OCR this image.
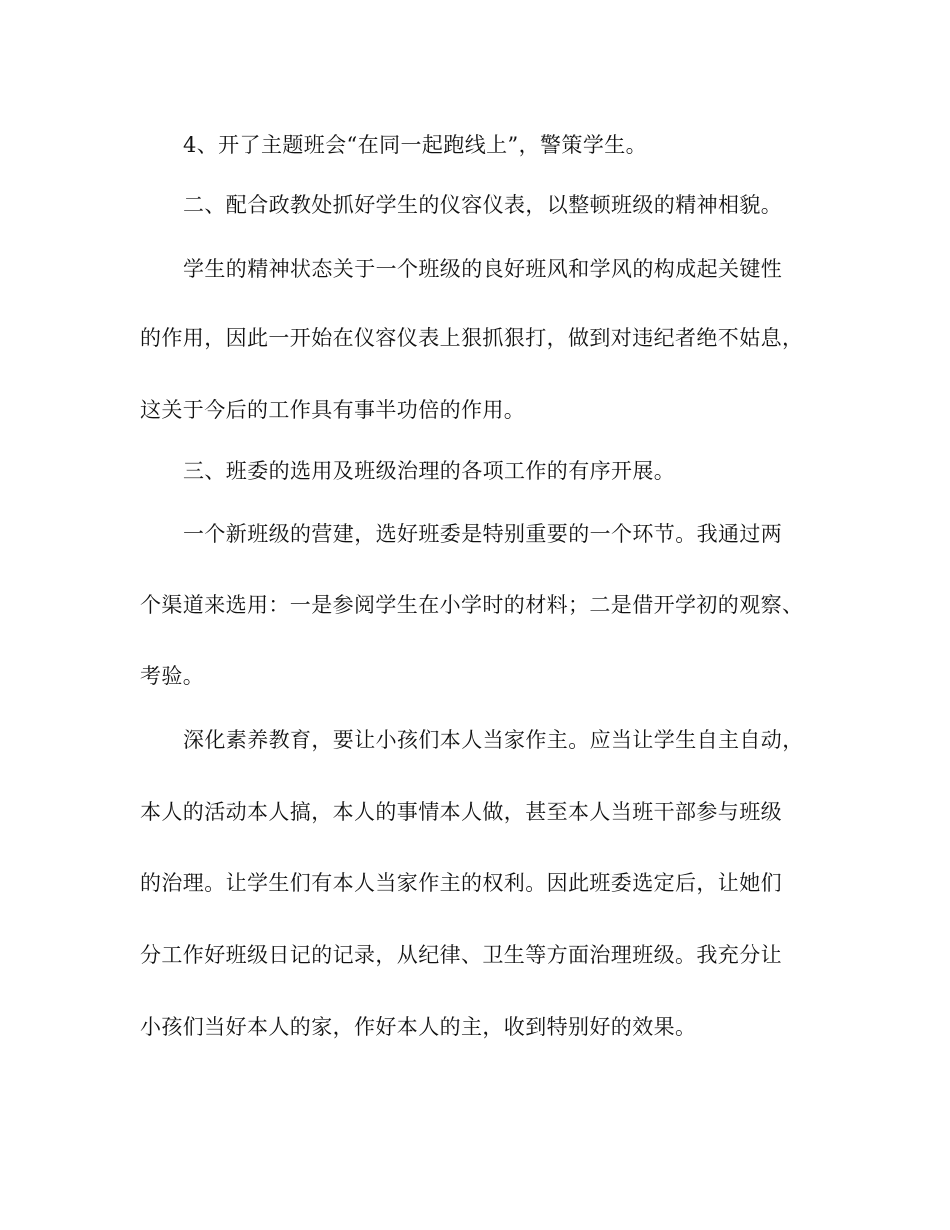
4、开了主题班会“在同一起跑线上”，警策学生。
二、配合政教处抓好学生的仪容仪表，以整顿班级的精神相貌。
学生的精神状态关于一个班级的良好班风和学风的构成起关键性
的作用，因此一开始在仪容仪表上狠抓狠打，做到对违纪者绝不姑息，
这关于今后的工作具有事半功倍的作用。
三、班委的选用及班级治理的各项工作的有序开展。
一个新班级的营建，选好班委是特别重要的一个环节。我通过两
个渠道来选用：一是参阅学生在小学时的材料；二是借开学初的观察、
考验。
深化素养教育，要让小孩们本人当家作主。应当让学生自主自动，
本人的活动本人搞，本人的事情本人做，甚至本人当班干部参与班级
的治理。让学生们有本人当家作主的权利。因此班委选定后，让她们
分工作好班级日记的记录，从纪律、卫生等方面治理班级。我充分让
小孩们当好本人的家，作好本人的主，收到特别好的效果。
